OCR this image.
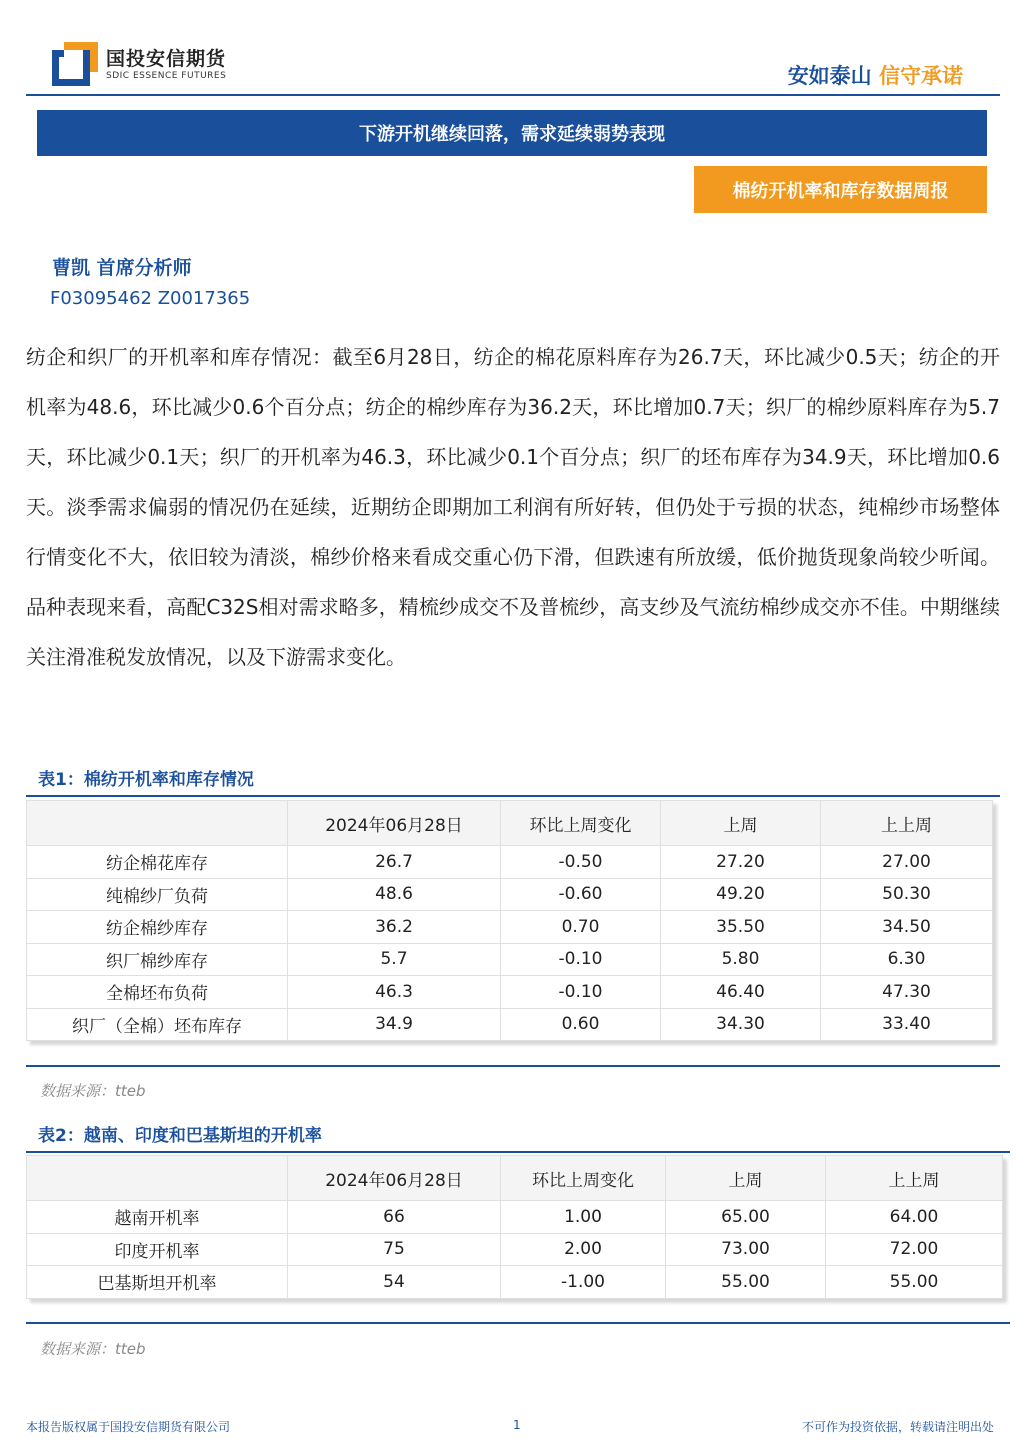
国投安信期货
SDIC ESSENCE FUTURES	安如泰山 信守承诺
下游开机继续回落，需求延续弱势表现
棉纺开机率和库存数据周报
曹凯 首席分析师
F03095462 Z0017365
纺企和织厂的开机率和库存情况：截至6月28日，纺企的棉花原料库存为26.7天，环比减少0.5天；纺企的开机率为48.6，环比减少0.6个百分点；纺企的棉纱库存为36.2天，环比增加0.7天；织厂的棉纱原料库存为5.7天，环比减少0.1天；织厂的开机率为46.3，环比减少0.1个百分点；织厂的坯布库存为34.9天，环比增加0.6天。淡季需求偏弱的情况仍在延续，近期纺企即期加工利润有所好转，但仍处于亏损的状态，纯棉纱市场整体行情变化不大，依旧较为清淡，棉纱价格来看成交重心仍下滑，但跌速有所放缓，低价抛货现象尚较少听闻。品种表现来看，高配C32S相对需求略多，精梳纱成交不及普梳纱，高支纱及气流纺棉纱成交亦不佳。中期继续关注滑准税发放情况，以及下游需求变化。
表1：棉纺开机率和库存情况
	2024年06月28日	环比上周变化	上周	上上周
纺企棉花库存	26.7	-0.50	27.20	27.00
纯棉纱厂负荷	48.6	-0.60	49.20	50.30
纺企棉纱库存	36.2	0.70	35.50	34.50
织厂棉纱库存	5.7	-0.10	5.80	6.30
全棉坯布负荷	46.3	-0.10	46.40	47.30
织厂（全棉）坯布库存	34.9	0.60	34.30	33.40
数据来源：tteb
表2：越南、印度和巴基斯坦的开机率
	2024年06月28日	环比上周变化	上周	上上周
越南开机率	66	1.00	65.00	64.00
印度开机率	75	2.00	73.00	72.00
巴基斯坦开机率	54	-1.00	55.00	55.00
数据来源：tteb
本报告版权属于国投安信期货有限公司	1	不可作为投资依据，转载请注明出处
